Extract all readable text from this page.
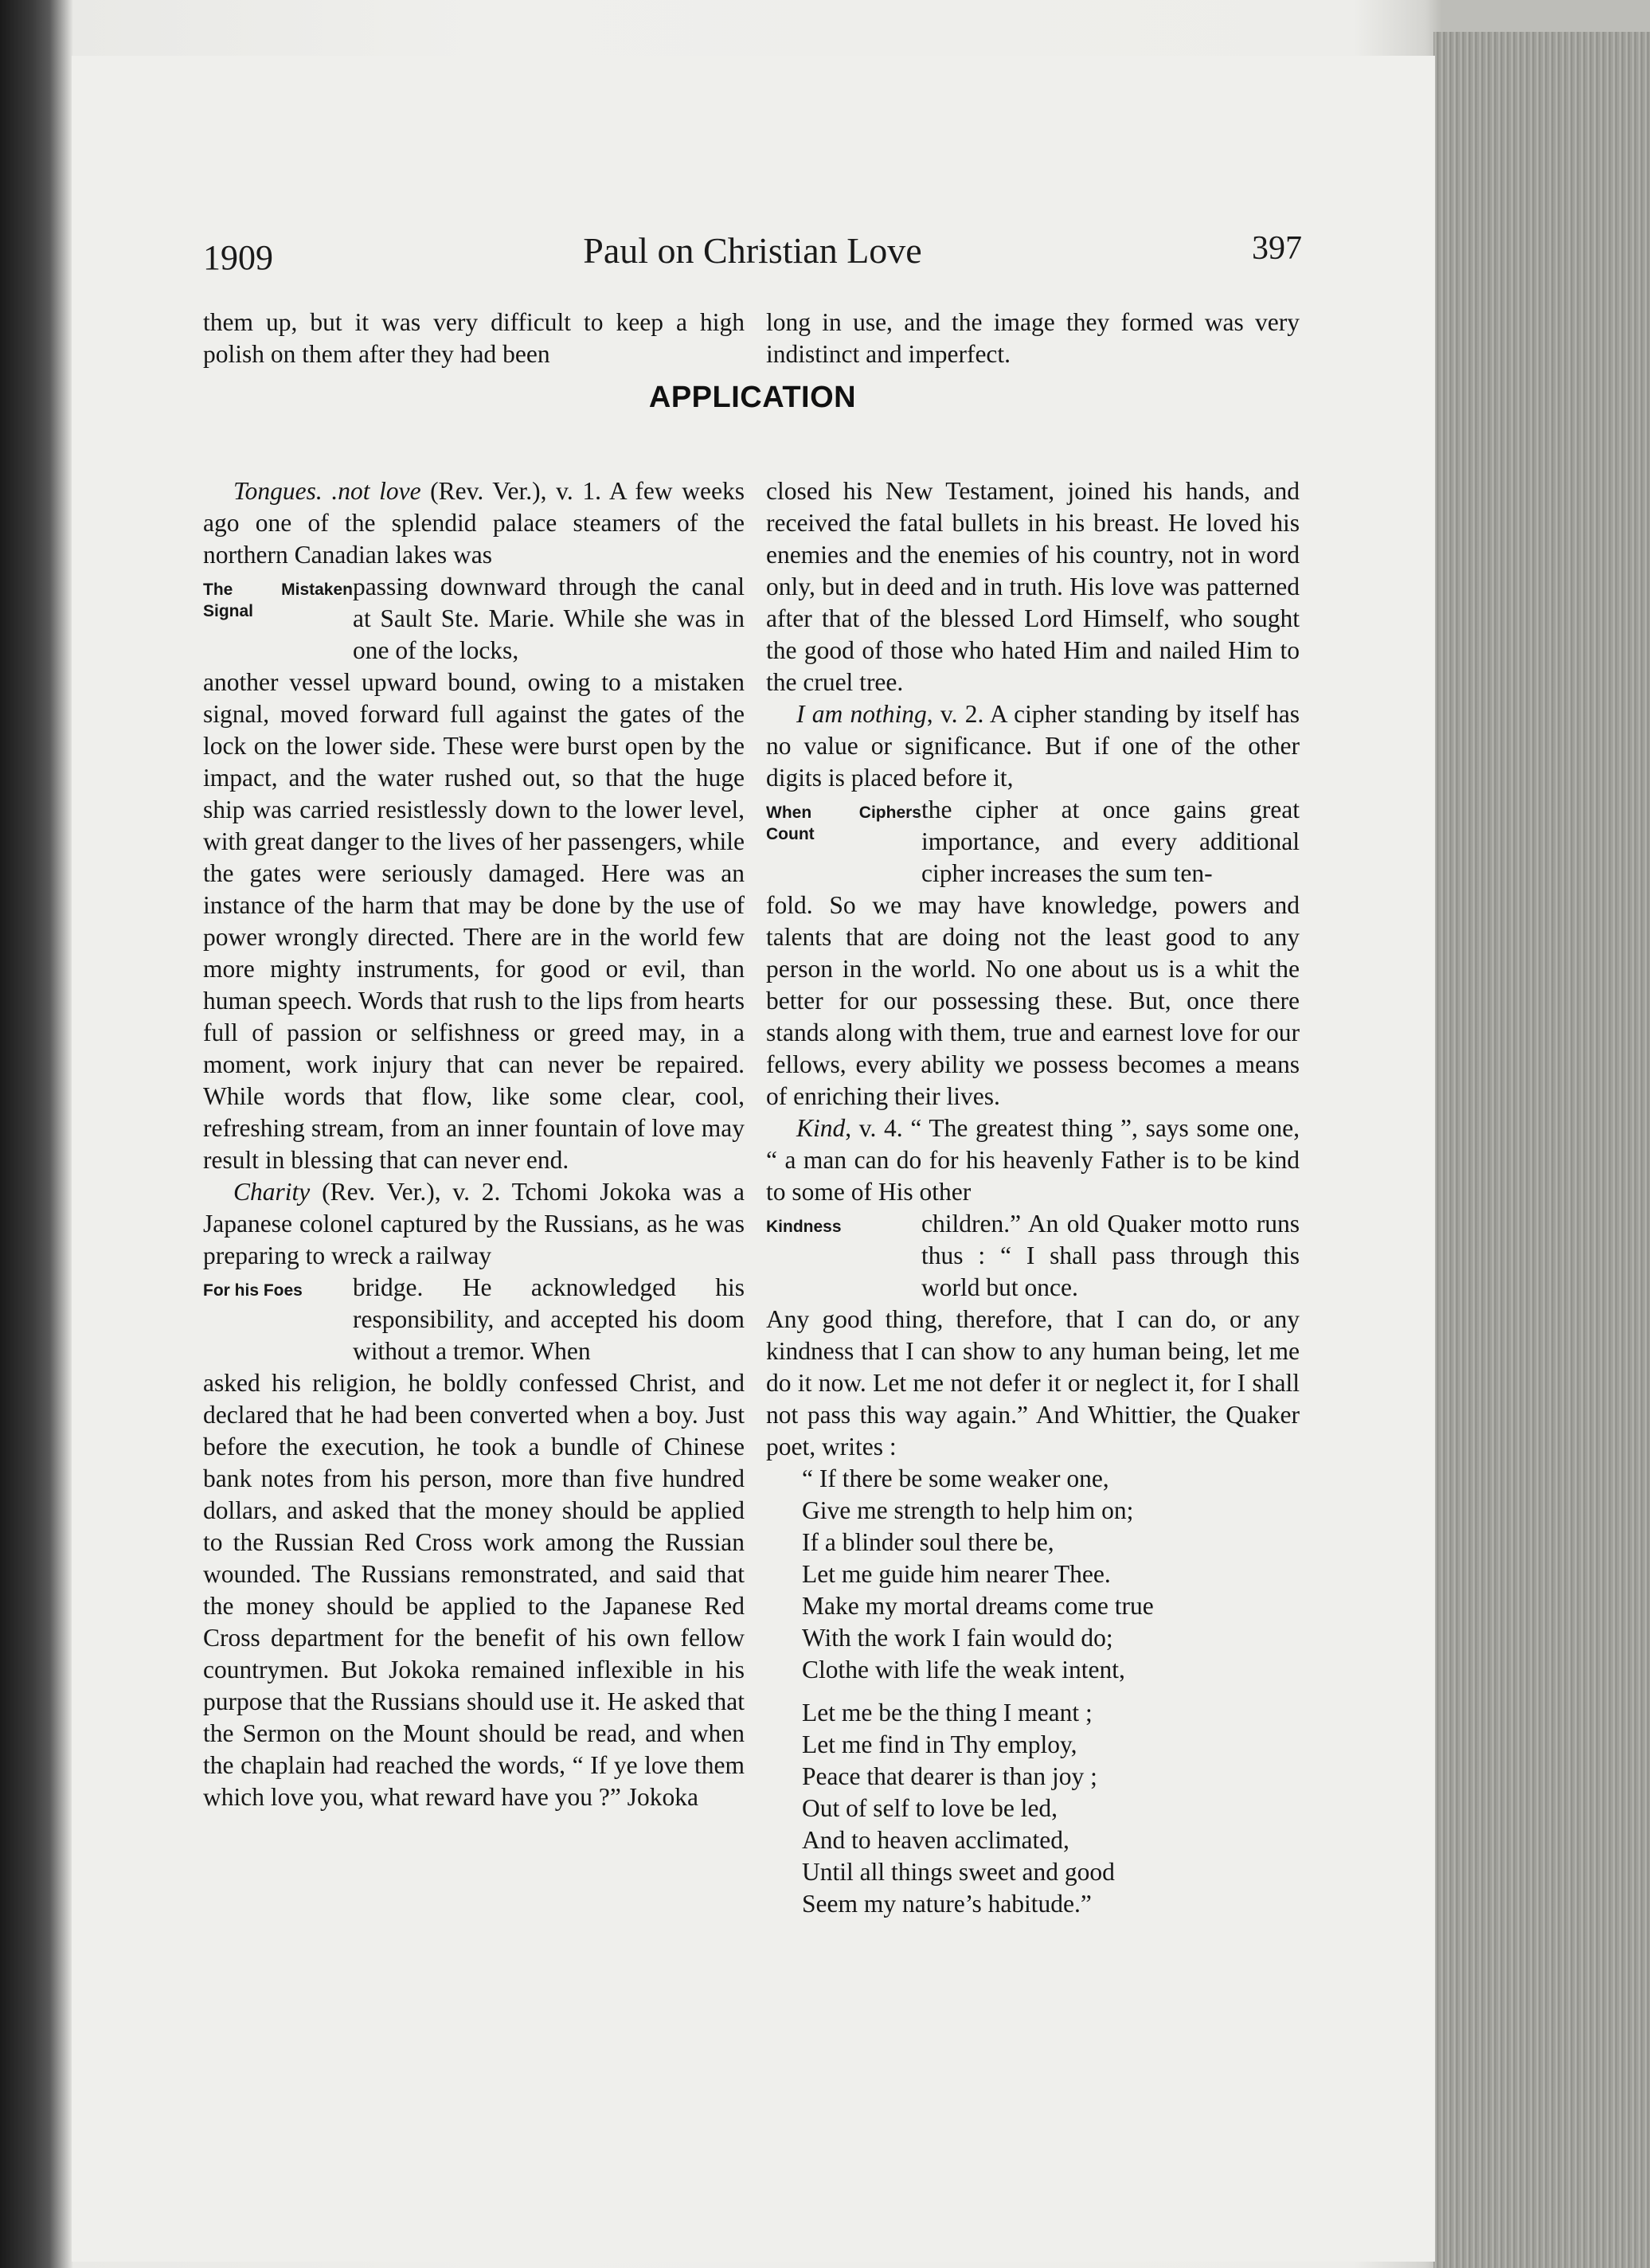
1909	Paul on Christian Love	397
APPLICATION

them up, but it was very difficult to keep a high polish on them after they had been

Tongues. .not love (Rev. Ver.), v. 1. A few weeks ago one of the splendid palace steamers of the northern Canadian lakes was

The Mistaken Signal

passing downward through the canal at Sault Ste. Marie. While she was in one of the locks,

another vessel upward bound, owing to a mistaken signal, moved forward full against the gates of the lock on the lower side. These were burst open by the impact, and the water rushed out, so that the huge ship was carried resistlessly down to the lower level, with great danger to the lives of her passengers, while the gates were seriously damaged. Here was an instance of the harm that may be done by the use of power wrongly directed. There are in the world few more mighty instruments, for good or evil, than human speech. Words that rush to the lips from hearts full of passion or selfishness or greed may, in a moment, work injury that can never be repaired. While words that flow, like some clear, cool, refreshing stream, from an inner fountain of love may result in blessing that can never end.

Charity (Rev. Ver.), v. 2. Tchomi Jokoka was a Japanese colonel captured by the Russians, as he was preparing to wreck a railway

For his Foes	bridge. He acknowledged his responsibility, and accepted his doom without a tremor. When

asked his religion, he boldly confessed Christ, and declared that he had been converted when a boy. Just before the execution, he took a bundle of Chinese bank notes from his person, more than five hundred dollars, and asked that the money should be applied to the Russian Red Cross work among the Russian wounded. The Russians remonstrated, and said that the money should be applied to the Japanese Red Cross department for the benefit of his own fellow countrymen. But Jokoka remained inflexible in his purpose that the Russians should use it. He asked that the Sermon on the Mount should be read, and when the chaplain had reached the words, “ If ye love them which love you, what reward have you ?” Jokoka

long in use, and the image they formed was very indistinct and imperfect.

closed his New Testament, joined his hands, and received the fatal bullets in his breast. He loved his enemies and the enemies of his country, not in word only, but in deed and in truth. His love was patterned after that of the blessed Lord Himself, who sought the good of those who hated Him and nailed Him to the cruel tree.

I am nothing, v. 2. A cipher standing by itself has no value or significance. But if one of the other digits is placed before it,

When Ciphers Count

the cipher at once gains great importance, and every additional cipher increases the sum ten-

fold. So we may have knowledge, powers and talents that are doing not the least good to any person in the world. No one about us is a whit the better for our possessing these. But, once there stands along with them, true and earnest love for our fellows, every ability we possess becomes a means of enriching their lives.

Kind, v. 4. “ The greatest thing ”, says some one, “ a man can do for his heavenly Father is to be kind to some of His other

Kindness	children.” An old Quaker motto runs thus : “ I shall pass through this world but once.

Any good thing, therefore, that I can do, or any kindness that I can show to any human being, let me do it now. Let me not defer it or neglect it, for I shall not pass this way again.” And Whittier, the Quaker poet, writes :

“ If there be some weaker one,
Give me strength to help him on;
If a blinder soul there be,
Let me guide him nearer Thee.
Make my mortal dreams come true
With the work I fain would do;
Clothe with life the weak intent,
Let me be the thing I meant ;
Let me find in Thy employ,
Peace that dearer is than joy ;
Out of self to love be led,
And to heaven acclimated,
Until all things sweet and good
Seem my nature’s habitude.”
